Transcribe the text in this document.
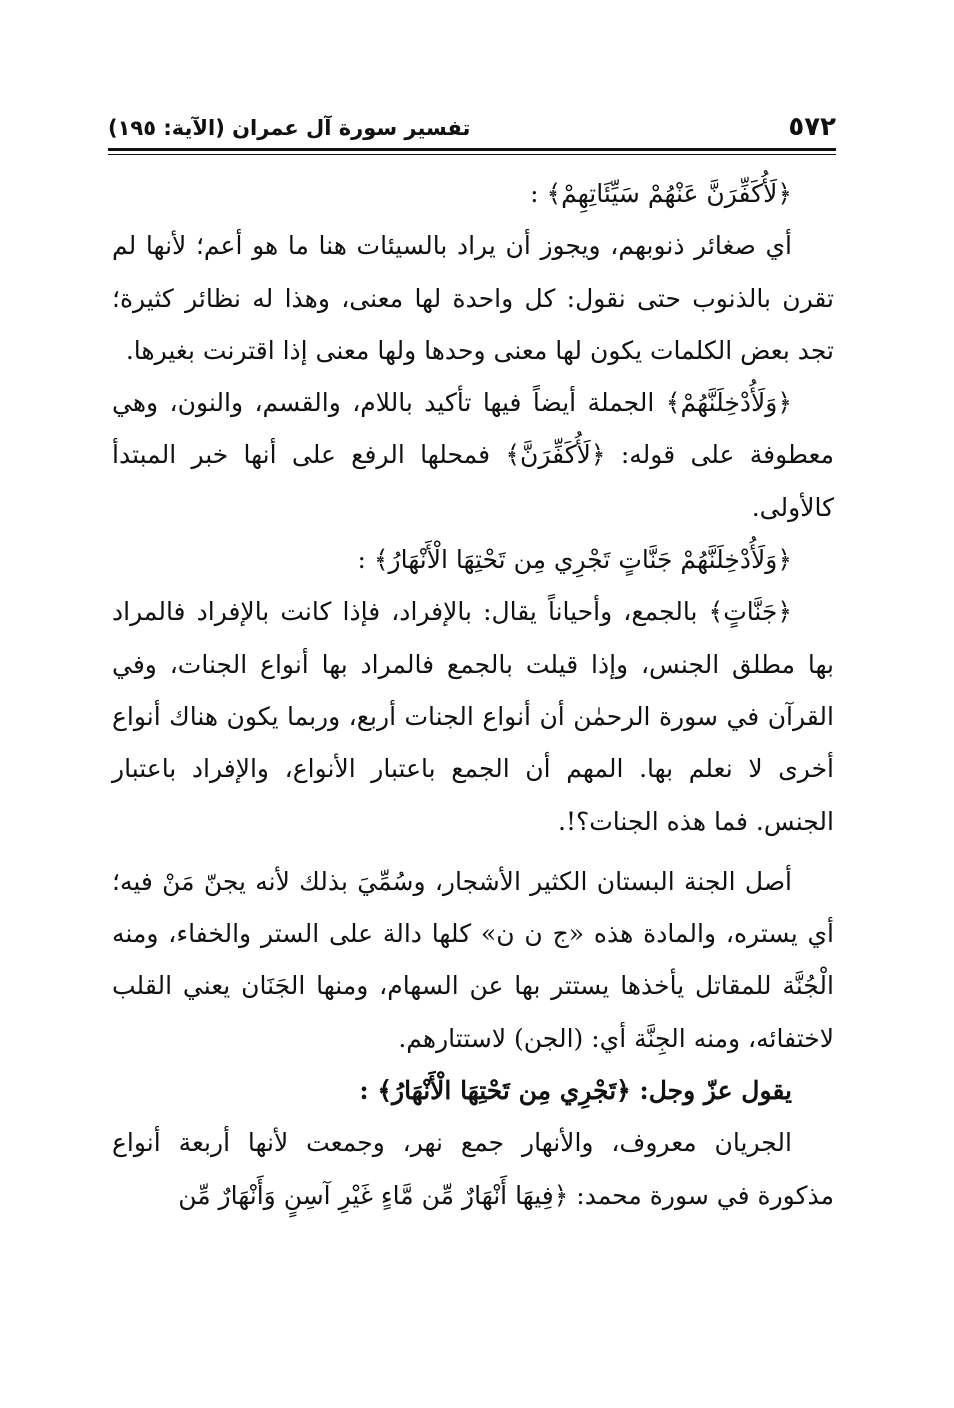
٥٧٢
تفسير سورة آل عمران (الآية: ١٩٥)

﴿لَأُكَفِّرَنَّ عَنْهُمْ سَيِّئَاتِهِمْ﴾ :

أي صغائر ذنوبهم، ويجوز أن يراد بالسيئات هنا ما هو أعم؛ لأنها لم تقرن بالذنوب حتى نقول: كل واحدة لها معنى، وهذا له نظائر كثيرة؛ تجد بعض الكلمات يكون لها معنى وحدها ولها معنى إذا اقترنت بغيرها.

﴿وَلَأُدْخِلَنَّهُمْ﴾ الجملة أيضاً فيها تأكيد باللام، والقسم، والنون، وهي معطوفة على قوله: ﴿لَأُكَفِّرَنَّ﴾ فمحلها الرفع على أنها خبر المبتدأ كالأولى.

﴿وَلَأُدْخِلَنَّهُمْ جَنَّاتٍ تَجْرِي مِن تَحْتِهَا الْأَنْهَارُ﴾ :

﴿جَنَّاتٍ﴾ بالجمع، وأحياناً يقال: بالإفراد، فإذا كانت بالإفراد فالمراد بها مطلق الجنس، وإذا قيلت بالجمع فالمراد بها أنواع الجنات، وفي القرآن في سورة الرحمٰن أن أنواع الجنات أربع، وربما يكون هناك أنواع أخرى لا نعلم بها. المهم أن الجمع باعتبار الأنواع، والإفراد باعتبار الجنس. فما هذه الجنات؟!.

أصل الجنة البستان الكثير الأشجار، وسُمِّيَ بذلك لأنه يجنّ مَنْ فيه؛ أي يستره، والمادة هذه «ج ن ن» كلها دالة على الستر والخفاء، ومنه الْجُنَّة للمقاتل يأخذها يستتر بها عن السهام، ومنها الجَنَان يعني القلب لاختفائه، ومنه الجِنَّة أي: (الجن) لاستتارهم.

يقول عزّ وجل: ﴿تَجْرِي مِن تَحْتِهَا الْأَنْهَارُ﴾ :

الجريان معروف، والأنهار جمع نهر، وجمعت لأنها أربعة أنواع مذكورة في سورة محمد: ﴿فِيهَا أَنْهَارٌ مِّن مَّاءٍ غَيْرِ آسِنٍ وَأَنْهَارٌ مِّن
